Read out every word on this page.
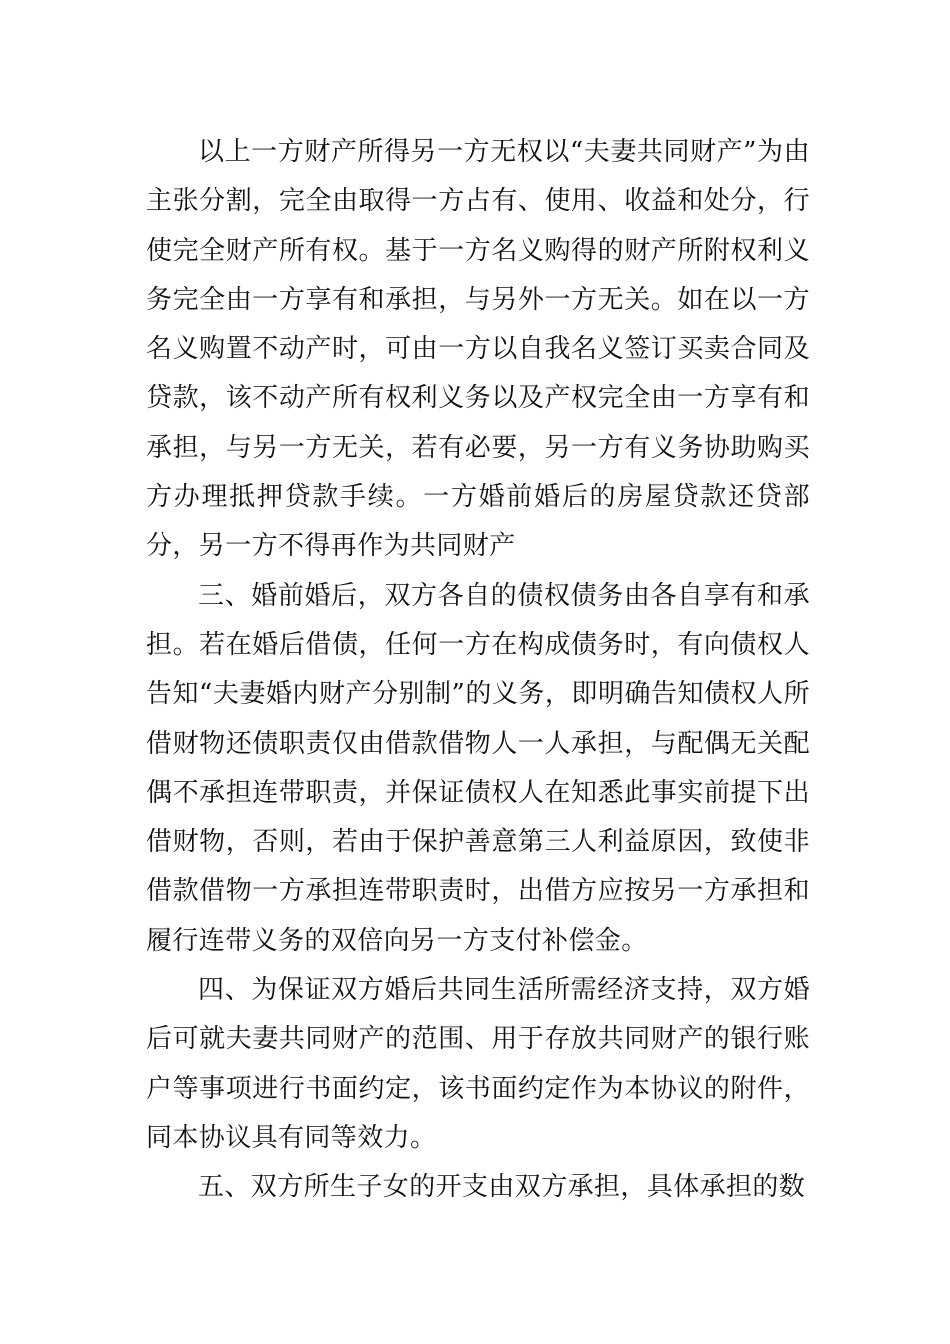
以上一方财产所得另一方无权以“夫妻共同财产”为由主张分割，完全由取得一方占有、使用、收益和处分，行使完全财产所有权。基于一方名义购得的财产所附权利义务完全由一方享有和承担，与另外一方无关。如在以一方名义购置不动产时，可由一方以自我名义签订买卖合同及贷款，该不动产所有权利义务以及产权完全由一方享有和承担，与另一方无关，若有必要，另一方有义务协助购买方办理抵押贷款手续。一方婚前婚后的房屋贷款还贷部分，另一方不得再作为共同财产

三、婚前婚后，双方各自的债权债务由各自享有和承担。若在婚后借债，任何一方在构成债务时，有向债权人告知“夫妻婚内财产分别制”的义务，即明确告知债权人所借财物还债职责仅由借款借物人一人承担，与配偶无关配偶不承担连带职责，并保证债权人在知悉此事实前提下出借财物，否则，若由于保护善意第三人利益原因，致使非借款借物一方承担连带职责时，出借方应按另一方承担和履行连带义务的双倍向另一方支付补偿金。

四、为保证双方婚后共同生活所需经济支持，双方婚后可就夫妻共同财产的范围、用于存放共同财产的银行账户等事项进行书面约定，该书面约定作为本协议的附件，同本协议具有同等效力。

五、双方所生子女的开支由双方承担，具体承担的数
